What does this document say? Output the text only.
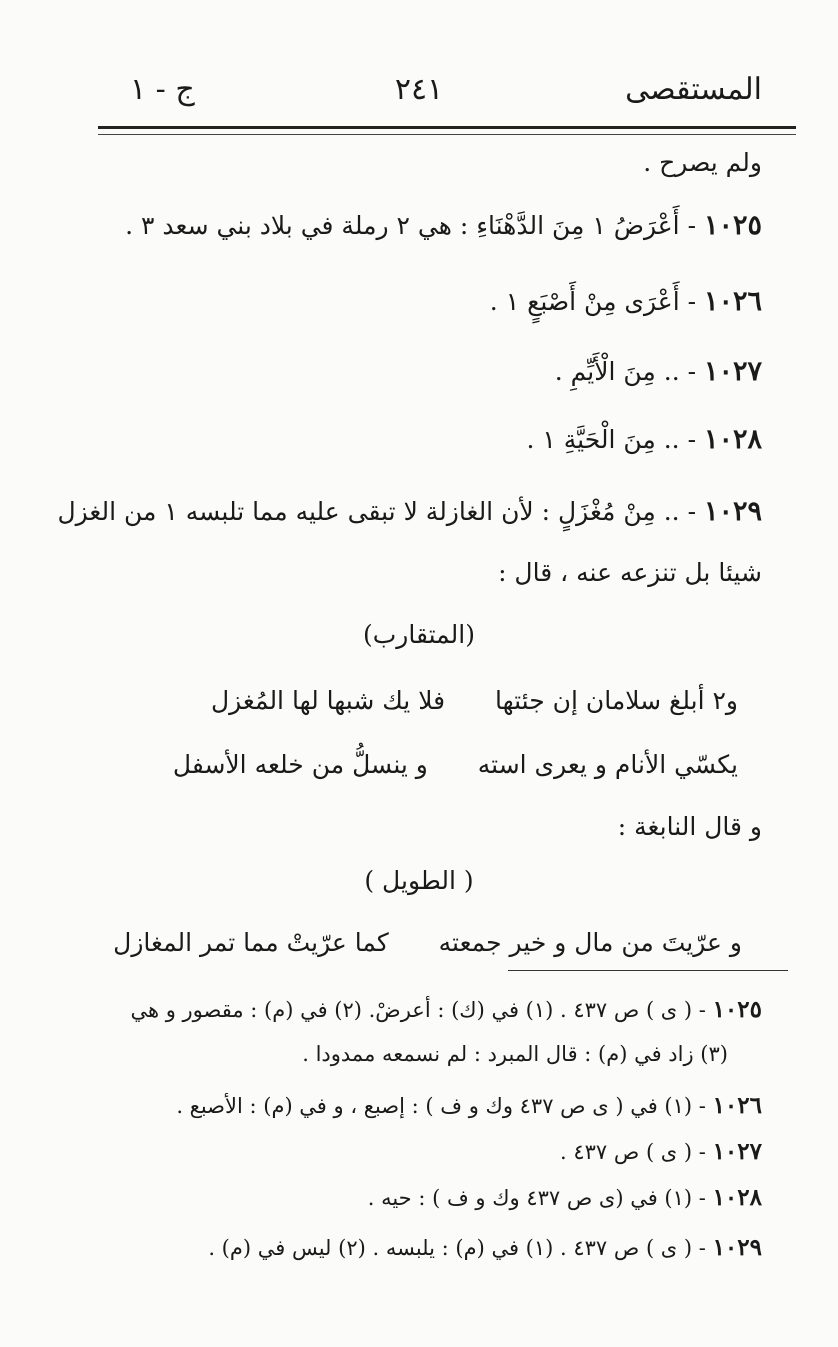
المستقصى
٢٤١
ج - ١
ولم يصرح .
١٠٢٥ - أَعْرَضُ ١ مِنَ الدَّهْنَاءِ : هي ٢ رملة في بلاد بني سعد ٣ .
١٠٢٦ - أَعْرَى مِنْ أَصْبَعٍ ١ .
١٠٢٧ - .. مِنَ الْأَيِّمِ .
١٠٢٨ - .. مِنَ الْحَيَّةِ ١ .
١٠٢٩ - .. مِنْ مُغْزَلٍ : لأن الغازلة لا تبقى عليه مما تلبسه ١ من الغزل
شيئا بل تنزعه عنه ، قال :
(المتقارب)
و٢ أبلغ سلامان إن جئتها  فلا يك شبها لها المُغزل
يكسّي الأنام و يعرى استه  و ينسلُّ من خلعه الأسفل
و قال النابغة :
( الطويل )
و عرّيتَ من مال و خير جمعته  كما عرّيتْ مما تمر المغازل
١٠٢٥ - ( ى ) ص ٤٣٧ . (١) في (ك) : أعرضْ. (٢) في (م) : مقصور و هي
(٣) زاد في (م) : قال المبرد : لم نسمعه ممدودا .
١٠٢٦ - (١) في ( ى ص ٤٣٧ وك و ف ) : إصبع ، و في (م) : الأصبع .
١٠٢٧ - ( ى ) ص ٤٣٧ .
١٠٢٨ - (١) في (ى ص ٤٣٧ وك و ف ) : حيه .
١٠٢٩ - ( ى ) ص ٤٣٧ . (١) في (م) : يلبسه . (٢) ليس في (م) .
